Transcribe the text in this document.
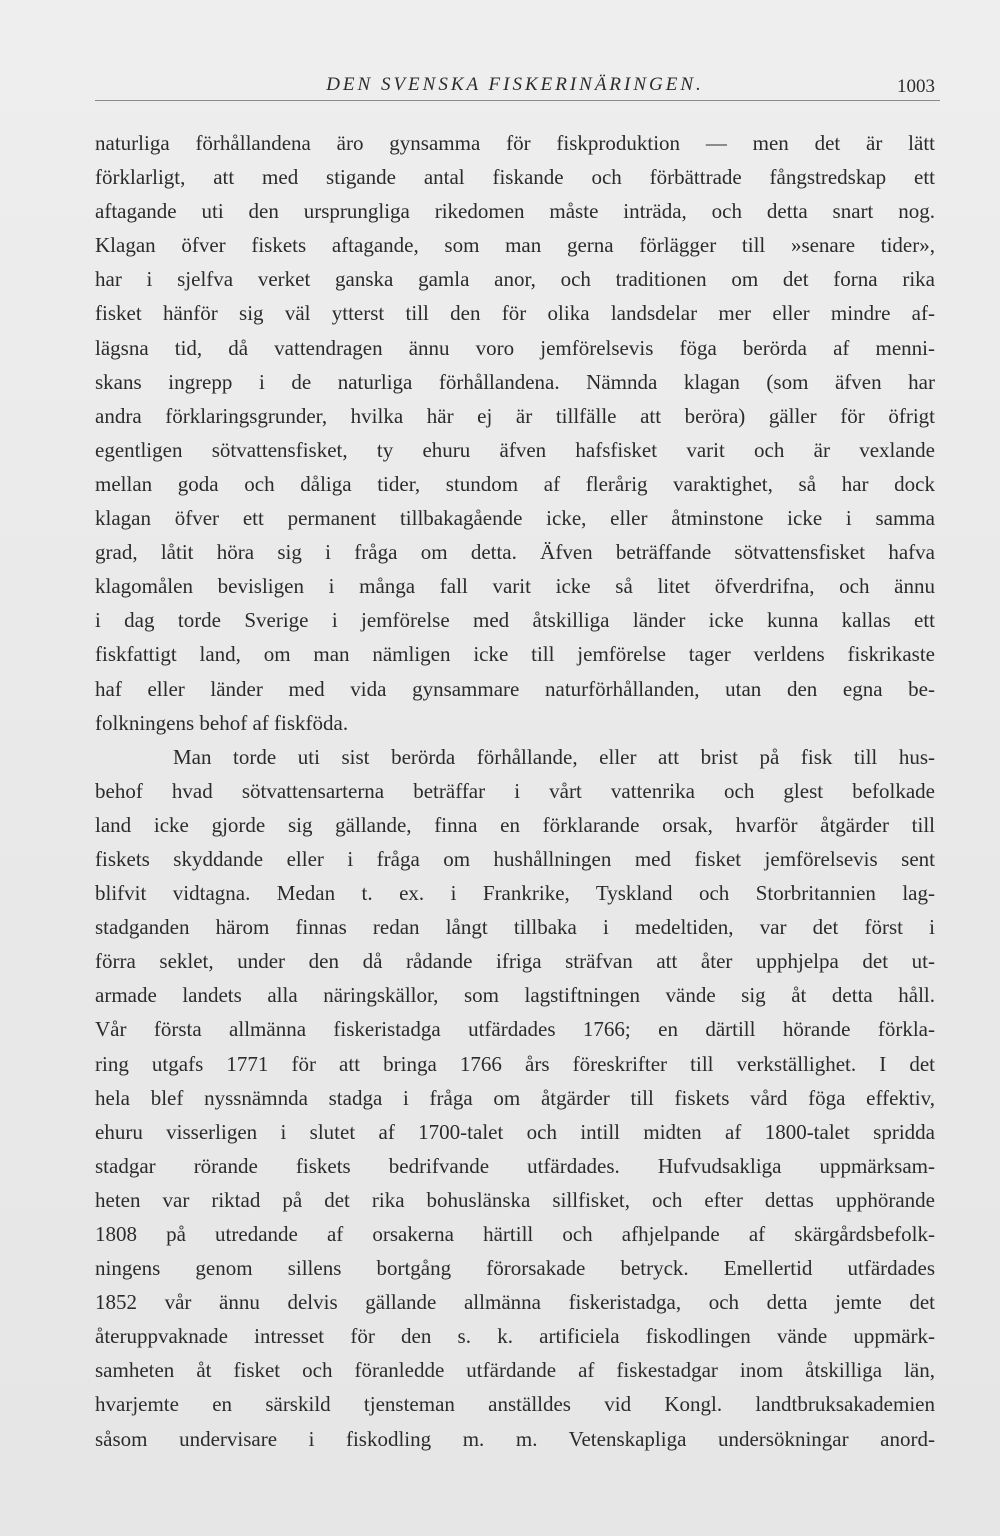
DEN SVENSKA FISKERINÄRINGEN.	1003
naturliga förhållandena äro gynsamma för fiskproduktion — men det är lätt
förklarligt, att med stigande antal fiskande och förbättrade fångstredskap ett
aftagande uti den ursprungliga rikedomen måste inträda, och detta snart nog.
Klagan öfver fiskets aftagande, som man gerna förlägger till »senare tider»,
har i sjelfva verket ganska gamla anor, och traditionen om det forna rika
fisket hänför sig väl ytterst till den för olika landsdelar mer eller mindre af-
lägsna tid, då vattendragen ännu voro jemförelsevis föga berörda af menni-
skans ingrepp i de naturliga förhållandena. Nämnda klagan (som äfven har
andra förklaringsgrunder, hvilka här ej är tillfälle att beröra) gäller för öfrigt
egentligen sötvattensfisket, ty ehuru äfven hafsfisket varit och är vexlande
mellan goda och dåliga tider, stundom af flerårig varaktighet, så har dock
klagan öfver ett permanent tillbakagående icke, eller åtminstone icke i samma
grad, låtit höra sig i fråga om detta. Äfven beträffande sötvattensfisket hafva
klagomålen bevisligen i många fall varit icke så litet öfverdrifna, och ännu
i dag torde Sverige i jemförelse med åtskilliga länder icke kunna kallas ett
fiskfattigt land, om man nämligen icke till jemförelse tager verldens fiskrikaste
haf eller länder med vida gynsammare naturförhållanden, utan den egna be-
folkningens behof af fiskföda.
Man torde uti sist berörda förhållande, eller att brist på fisk till hus-
behof hvad sötvattensarterna beträffar i vårt vattenrika och glest befolkade
land icke gjorde sig gällande, finna en förklarande orsak, hvarför åtgärder till
fiskets skyddande eller i fråga om hushållningen med fisket jemförelsevis sent
blifvit vidtagna. Medan t. ex. i Frankrike, Tyskland och Storbritannien lag-
stadganden härom finnas redan långt tillbaka i medeltiden, var det först i
förra seklet, under den då rådande ifriga sträfvan att åter upphjelpa det ut-
armade landets alla näringskällor, som lagstiftningen vände sig åt detta håll.
Vår första allmänna fiskeristadga utfärdades 1766; en därtill hörande förkla-
ring utgafs 1771 för att bringa 1766 års föreskrifter till verkställighet. I det
hela blef nyssnämnda stadga i fråga om åtgärder till fiskets vård föga effektiv,
ehuru visserligen i slutet af 1700-talet och intill midten af 1800-talet spridda
stadgar rörande fiskets bedrifvande utfärdades. Hufvudsakliga uppmärksam-
heten var riktad på det rika bohuslänska sillfisket, och efter dettas upphörande
1808 på utredande af orsakerna härtill och afhjelpande af skärgårdsbefolk-
ningens genom sillens bortgång förorsakade betryck. Emellertid utfärdades
1852 vår ännu delvis gällande allmänna fiskeristadga, och detta jemte det
återuppvaknade intresset för den s. k. artificiela fiskodlingen vände uppmärk-
samheten åt fisket och föranledde utfärdande af fiskestadgar inom åtskilliga län,
hvarjemte en särskild tjensteman anställdes vid Kongl. landtbruksakademien
såsom undervisare i fiskodling m. m. Vetenskapliga undersökningar anord-
